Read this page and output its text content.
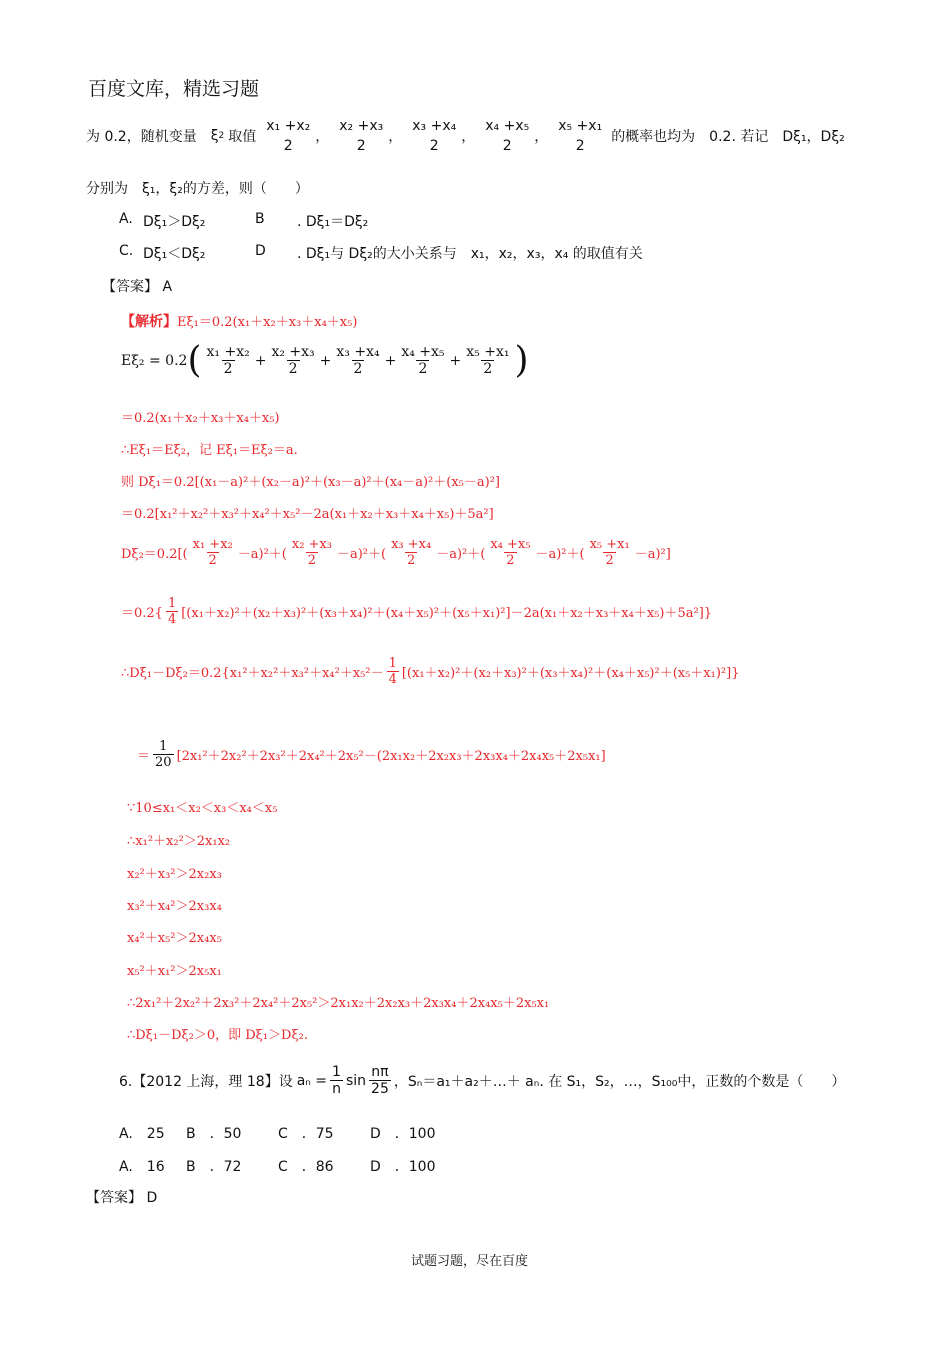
百度文库，精选习题
为 0.2，随机变量 ξ 2 取值
x₁ +x₂
2
，
x₂ +x₃
2
，
x₃ +x₄
2
，
x₄ +x₅
2
，
x₅ +x₁
2
的概率也均为　0.2. 若记　Dξ₁，Dξ₂
分别为　ξ₁，ξ₂的方差，则（　　）
A. Dξ₁＞Dξ₂	B . Dξ₁＝Dξ₂
C. Dξ₁＜Dξ₂	D . Dξ₁与 Dξ₂的大小关系与　x₁，x₂，x₃，x₄ 的取值有关
【答案】 A
【解析】 Eξ₁＝0.2(x₁＋x₂＋x₃＋x₄＋x₅)
Eξ₂ = 0.2 ( $\frac{\text{x₁ +x₂}}{2} + \frac{\text{x₂ +x₃}}{2} + \frac{\text{x₃ +x₄}}{2} + \frac{\text{x₄ +x₅}}{2} + \frac{\text{x₅ +x₁}}{2}$ )
＝0.2(x₁＋x₂＋x₃＋x₄＋x₅)
∴Eξ₁＝Eξ₂，记 Eξ₁＝Eξ₂＝a.
则 Dξ₁＝0.2[(x₁－a)²＋(x₂－a)²＋(x₃－a)²＋(x₄－a)²＋(x₅－a)²]
＝0.2[x₁²＋x₂²＋x₃²＋x₄²＋x₅²－2a(x₁＋x₂＋x₃＋x₄＋x₅)＋5a²]
$D\xi_2=0.2[( \frac{\text{x₁ +x₂}}{2} -a)^2+( \frac{\text{x₂ +x₃}}{2} -a)^2+( \frac{\text{x₃ +x₄}}{2} -a)^2+( \frac{\text{x₄ +x₅}}{2} -a)^2+( \frac{\text{x₅ +x₁}}{2} -a)^2]$
$=0.2\{ \frac{1}{4} [(x_1+x_2)^2+(x_2+x_3)^2+(x_3+x_4)^2+(x_4+x_5)^2+(x_5+x_1)^2]-2a(x_1+x_2+x_3+x_4+x_5)+5a^2]$}
∴Dξ₁－Dξ₂＝0.2{x₁²＋x₂²＋x₃²＋x₄²＋x₅²－ $\frac{1}{4} [(x_1+x_2)^2+(x_2+x_3)^2+(x_3+x_4)^2+(x_4+x_5)^2+(x_5+x_1)^2]$}
＝ $\frac{1}{20} [2x_1^2+2x_2^2+2x_3^2+2x_4^2+2x_5^2-(2x_1x_2+2x_2x_3+2x_3x_4+2x_4x_5+2x_5x_1]$
∵10≤x₁＜x₂＜x₃＜x₄＜x₅
∴x₁²＋x₂²＞2x₁x₂
x₂²＋x₃²＞2x₂x₃
x₃²＋x₄²＞2x₃x₄
x₄²＋x₅²＞2x₄x₅
x₅²＋x₁²＞2x₅x₁
∴2x₁²＋2x₂²＋2x₃²＋2x₄²＋2x₅²＞2x₁x₂＋2x₂x₃＋2x₃x₄＋2x₄x₅＋2x₅x₁
∴Dξ₁－Dξ₂＞0，即 Dξ₁＞Dξ₂.
6.【2012 上海，理 18】设 $a_n = \frac{1}{n}$ $\sin \frac{n\pi}{25}$ ，Sₙ＝a₁＋a₂＋…＋ aₙ. 在 S₁，S₂，…，S₁₀₀中，正数的个数是（　　）
A.　25 B　．50	C　．75	D　．100
A.　16 B　．72	C　．86	D　．100
【答案】 D
试题习题，尽在百度
